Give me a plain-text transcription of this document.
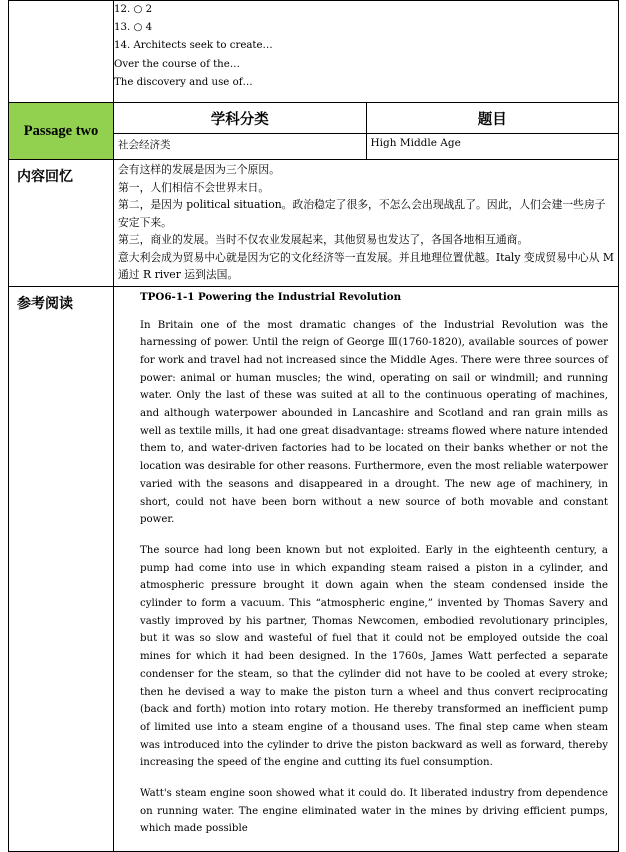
	12. ○ 2
13. ○ 4
14. Architects seek to create…
Over the course of the…
The discovery and use of…	

Passage two	学科分类	题目
	社会经济类	High Middle Age
内容回忆	会有这样的发展是因为三个原因。
第一，人们相信不会世界末日。
第二，是因为 political situation。政治稳定了很多，不怎么会出现战乱了。因此，人们会建一些房子安定下来。
第三，商业的发展。当时不仅农业发展起来，其他贸易也发达了，各国各地相互通商。
意大利会成为贸易中心就是因为它的文化经济等一直发展。并且地理位置优越。Italy 变成贸易中心从 M 通过 R river 运到法国。	

参考阅读	TPO6-1-1 Powering the Industrial Revolution

In Britain one of the most dramatic changes of the Industrial Revolution was the harnessing of power. Until the reign of George Ⅲ(1760-1820), available sources of power for work and travel had not increased since the Middle Ages. There were three sources of power: animal or human muscles; the wind, operating on sail or windmill; and running water. Only the last of these was suited at all to the continuous operating of machines, and although waterpower abounded in Lancashire and Scotland and ran grain mills as well as textile mills, it had one great disadvantage: streams flowed where nature intended them to, and water-driven factories had to be located on their banks whether or not the location was desirable for other reasons. Furthermore, even the most reliable waterpower varied with the seasons and disappeared in a drought. The new age of machinery, in short, could not have been born without a new source of both movable and constant power.

The source had long been known but not exploited. Early in the eighteenth century, a pump had come into use in which expanding steam raised a piston in a cylinder, and atmospheric pressure brought it down again when the steam condensed inside the cylinder to form a vacuum. This “atmospheric engine,” invented by Thomas Savery and vastly improved by his partner, Thomas Newcomen, embodied revolutionary principles, but it was so slow and wasteful of fuel that it could not be employed outside the coal mines for which it had been designed. In the 1760s, James Watt perfected a separate condenser for the steam, so that the cylinder did not have to be cooled at every stroke; then he devised a way to make the piston turn a wheel and thus convert reciprocating (back and forth) motion into rotary motion. He thereby transformed an inefficient pump of limited use into a steam engine of a thousand uses. The final step came when steam was introduced into the cylinder to drive the piston backward as well as forward, thereby increasing the speed of the engine and cutting its fuel consumption.

Watt's steam engine soon showed what it could do. It liberated industry from dependence on running water. The engine eliminated water in the mines by driving efficient pumps, which made possible	
